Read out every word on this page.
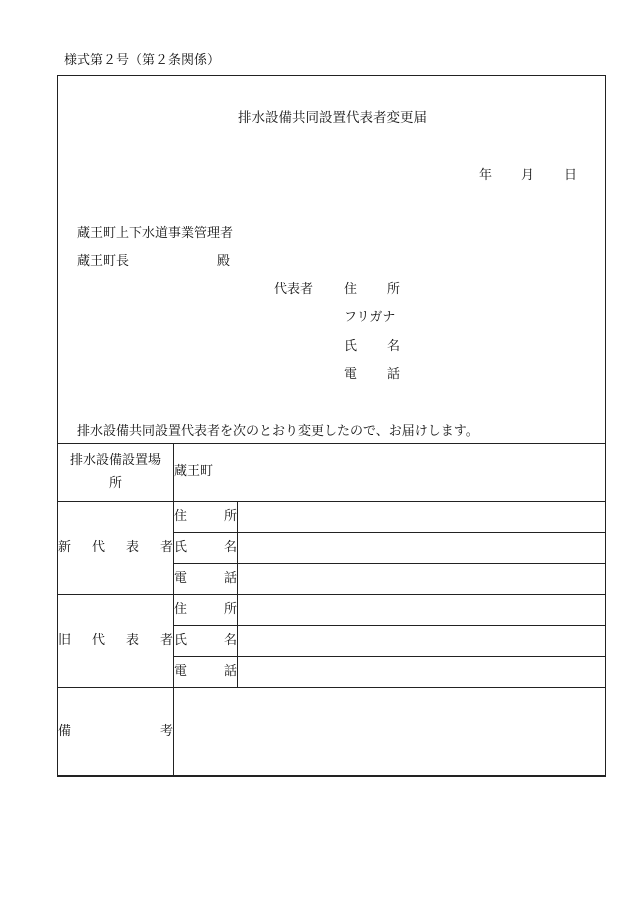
様式第２号（第２条関係）
排水設備共同設置代表者変更届
年 月 日
蔵王町上下水道事業管理者
蔵王町長	殿
代表者 住 所
フリガナ
氏 名
電 話
排水設備共同設置代表者を次のとおり変更したので、お届けします。
排水設備設置場
所	蔵王町	

新 代 表 者	住 所	

	氏 名	

	電 話	

旧 代 表 者	住 所	

	氏 名	

	電 話	

備 考		
